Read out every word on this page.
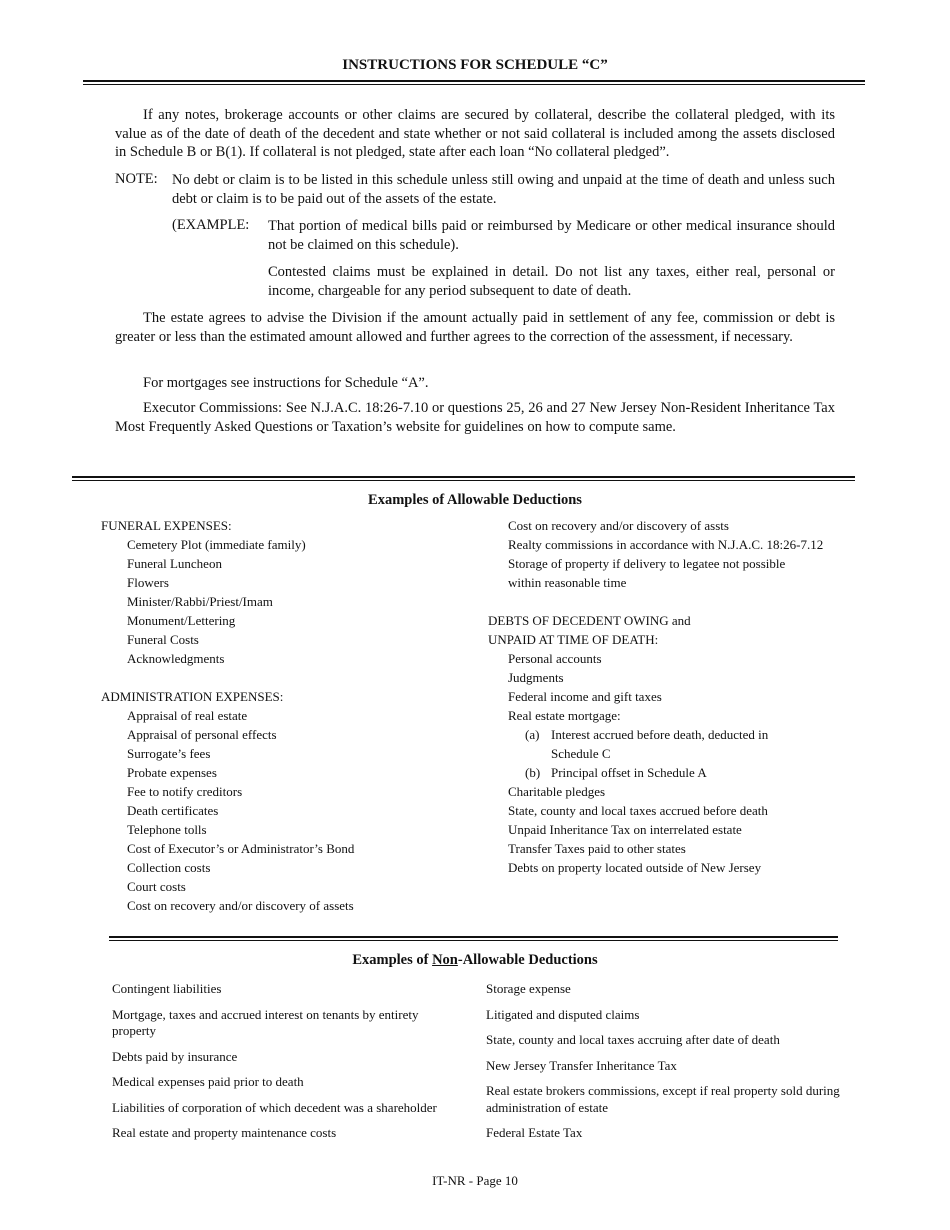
INSTRUCTIONS FOR SCHEDULE “C”
If any notes, brokerage accounts or other claims are secured by collateral, describe the collateral pledged, with its value as of the date of death of the decedent and state whether or not said collateral is included among the assets disclosed in Schedule B or B(1). If collateral is not pledged, state after each loan “No collateral pledged”.
NOTE: No debt or claim is to be listed in this schedule unless still owing and unpaid at the time of death and unless such debt or claim is to be paid out of the assets of the estate.
(EXAMPLE: That portion of medical bills paid or reimbursed by Medicare or other medical insurance should not be claimed on this schedule).
Contested claims must be explained in detail. Do not list any taxes, either real, personal or income, chargeable for any period subsequent to date of death.
The estate agrees to advise the Division if the amount actually paid in settlement of any fee, commission or debt is greater or less than the estimated amount allowed and further agrees to the correction of the assessment, if necessary.
For mortgages see instructions for Schedule “A”.
Executor Commissions: See N.J.A.C. 18:26-7.10 or questions 25, 26 and 27 New Jersey Non-Resident Inheritance Tax Most Frequently Asked Questions or Taxation’s website for guidelines on how to compute same.
Examples of Allowable Deductions
FUNERAL EXPENSES:
Cemetery Plot (immediate family)
Funeral Luncheon
Flowers
Minister/Rabbi/Priest/Imam
Monument/Lettering
Funeral Costs
Acknowledgments
ADMINISTRATION EXPENSES:
Appraisal of real estate
Appraisal of personal effects
Surrogate’s fees
Probate expenses
Fee to notify creditors
Death certificates
Telephone tolls
Cost of Executor’s or Administrator’s Bond
Collection costs
Court costs
Cost on recovery and/or discovery of assets
Cost on recovery and/or discovery of assts
Realty commissions in accordance with N.J.A.C. 18:26-7.12
Storage of property if delivery to legatee not possible
within reasonable time
DEBTS OF DECEDENT OWING and
UNPAID AT TIME OF DEATH:
Personal accounts
Judgments
Federal income and gift taxes
Real estate mortgage:
(a) Interest accrued before death, deducted in
Schedule C
(b) Principal offset in Schedule A
Charitable pledges
State, county and local taxes accrued before death
Unpaid Inheritance Tax on interrelated estate
Transfer Taxes paid to other states
Debts on property located outside of New Jersey
Examples of Non-Allowable Deductions
Contingent liabilities
Mortgage, taxes and accrued interest on tenants by entirety property
Debts paid by insurance
Medical expenses paid prior to death
Liabilities of corporation of which decedent was a shareholder
Real estate and property maintenance costs
Storage expense
Litigated and disputed claims
State, county and local taxes accruing after date of death
New Jersey Transfer Inheritance Tax
Real estate brokers commissions, except if real property sold during administration of estate
Federal Estate Tax
IT-NR - Page 10
